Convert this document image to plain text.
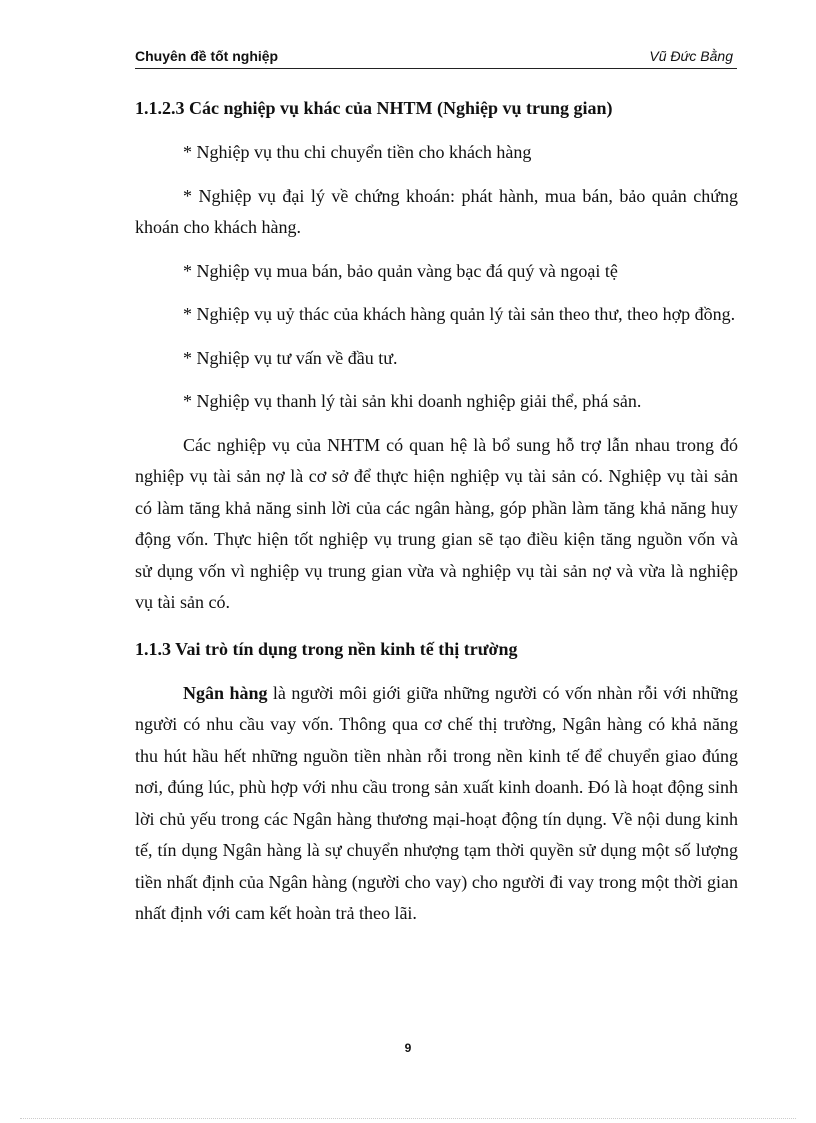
Chuyên đề tốt nghiệp	Vũ Đức Bằng
1.1.2.3 Các nghiệp vụ khác của NHTM (Nghiệp vụ trung gian)
* Nghiệp vụ thu chi chuyển tiền cho khách hàng
* Nghiệp vụ đại lý về chứng khoán: phát hành, mua bán, bảo quản chứng khoán cho khách hàng.
* Nghiệp vụ mua bán, bảo quản vàng bạc đá quý và ngoại tệ
* Nghiệp vụ uỷ thác của khách hàng quản lý tài sản theo thư, theo hợp đồng.
* Nghiệp vụ tư vấn về đầu tư.
* Nghiệp vụ thanh lý tài sản khi doanh nghiệp giải thể, phá sản.
Các nghiệp vụ của NHTM có quan hệ là bổ sung hỗ trợ lẫn nhau trong đó nghiệp vụ tài sản nợ là cơ sở để thực hiện nghiệp vụ tài sản có. Nghiệp vụ tài sản có làm tăng khả năng sinh lời của các ngân hàng, góp phần làm tăng khả năng huy động vốn. Thực hiện tốt nghiệp vụ trung gian sẽ tạo điều kiện tăng nguồn vốn và sử dụng vốn vì nghiệp vụ trung gian vừa và nghiệp vụ tài sản nợ và vừa là nghiệp vụ tài sản có.
1.1.3 Vai trò tín dụng trong nền kinh tế thị trường
Ngân hàng là người môi giới giữa những người có vốn nhàn rỗi với những người có nhu cầu vay vốn. Thông qua cơ chế thị trường, Ngân hàng có khả năng thu hút hầu hết những nguồn tiền nhàn rỗi trong nền kinh tế để chuyển giao đúng nơi, đúng lúc, phù hợp với nhu cầu trong sản xuất kinh doanh. Đó là hoạt động sinh lời chủ yếu trong các Ngân hàng thương mại-hoạt động tín dụng. Về nội dung kinh tế, tín dụng Ngân hàng là sự chuyển nhượng tạm thời quyền sử dụng một số lượng tiền nhất định của Ngân hàng (người cho vay) cho người đi vay trong một thời gian nhất định với cam kết hoàn trả theo lãi.
9
